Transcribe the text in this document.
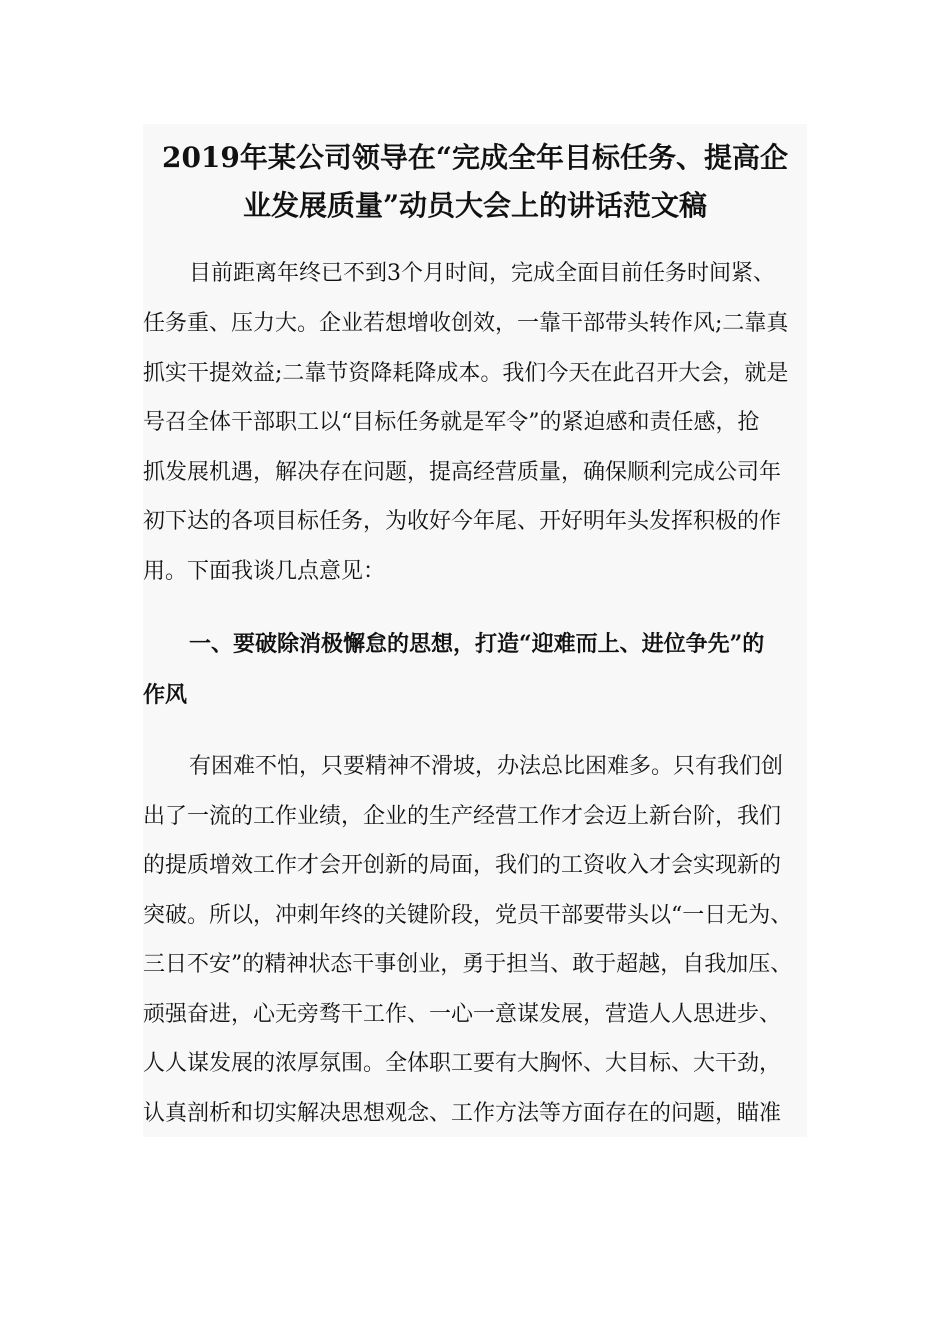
2019年某公司领导在“完成全年目标任务、提高企
业发展质量”动员大会上的讲话范文稿

目前距离年终已不到3个月时间，完成全面目前任务时间紧、

任务重、压力大。企业若想增收创效，一靠干部带头转作风;二靠真

抓实干提效益;二靠节资降耗降成本。我们今天在此召开大会，就是

号召全体干部职工以“目标任务就是军令”的紧迫感和责任感，抢

抓发展机遇，解决存在问题，提高经营质量，确保顺利完成公司年

初下达的各项目标任务，为收好今年尾、开好明年头发挥积极的作

用。下面我谈几点意见：

一、要破除消极懈怠的思想，打造“迎难而上、进位争先”的

作风

有困难不怕，只要精神不滑坡，办法总比困难多。只有我们创

出了一流的工作业绩，企业的生产经营工作才会迈上新台阶，我们

的提质增效工作才会开创新的局面，我们的工资收入才会实现新的

突破。所以，冲刺年终的关键阶段，党员干部要带头以“一日无为、

三日不安”的精神状态干事创业，勇于担当、敢于超越，自我加压、

顽强奋进，心无旁骛干工作、一心一意谋发展，营造人人思进步、

人人谋发展的浓厚氛围。全体职工要有大胸怀、大目标、大干劲，

认真剖析和切实解决思想观念、工作方法等方面存在的问题，瞄准
